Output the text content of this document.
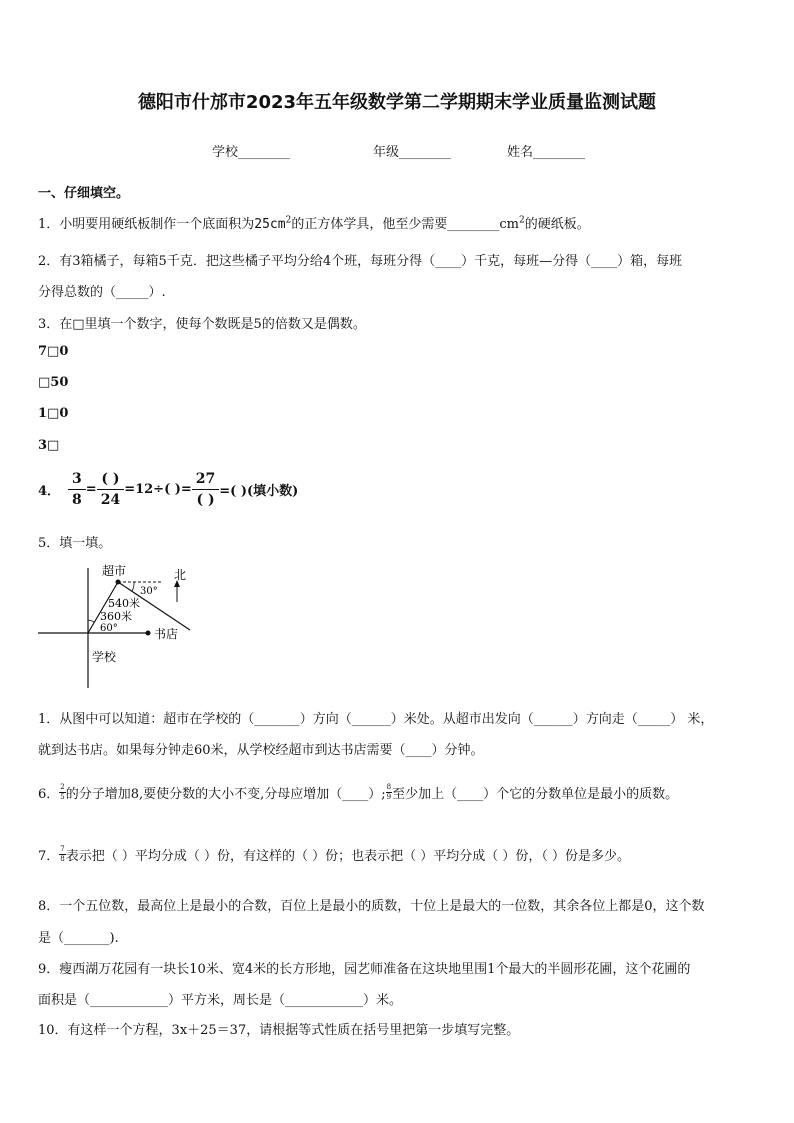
德阳市什邡市2023年五年级数学第二学期期末学业质量监测试题
学校________	年级________	姓名________
一、仔细填空。
1．小明要用硬纸板制作一个底面积为$25cm^2$的正方体学具，他至少需要$\_\_\_\_\_\_\_\_cm^2$的硬纸板。
2．有3箱橘子，每箱5千克．把这些橘子平均分给4个班，每班分得（____）千克，每班—分得（____）箱，每班
分得总数的（_____）.
3．在□里填一个数字，使每个数既是5的倍数又是偶数。
7□0
□50
1□0
3□
4． $\frac{3}{8} = \frac{( )}{24} =12\div$( )= $\frac{27}{( )}$ =( )(填小数)
5．填一填。
超市	北
30°
540米
360米
60°	书店
学校
1．从图中可以知道：超市在学校的（_______）方向（______）米处。从超市出发向（______）方向走（_____） 米，
就到达书店。如果每分钟走60米，从学校经超市到达书店需要（____）分钟。
6． $\frac{2}{5}$ 的分子增加8,要使分数的大小不变,分母应增加（____）; $\frac{8}{9}$ 至少加上（____）个它的分数单位是最小的质数。
7． $\frac{7}{8}$ 表示把（ ）平均分成（ ）份，有这样的（ ）份；也表示把（ ）平均分成（ ）份，（ ）份是多少。
8．一个五位数，最高位上是最小的合数，百位上是最小的质数，十位上是最大的一位数，其余各位上都是0，这个数
是（_______).
9．瘦西湖万花园有一块长10米、宽4米的长方形地，园艺师准备在这块地里围1个最大的半圆形花圃，这个花圃的
面积是（____________）平方米，周长是（____________）米。
10．有这样一个方程，3x＋25＝37，请根据等式性质在括号里把第一步填写完整。
